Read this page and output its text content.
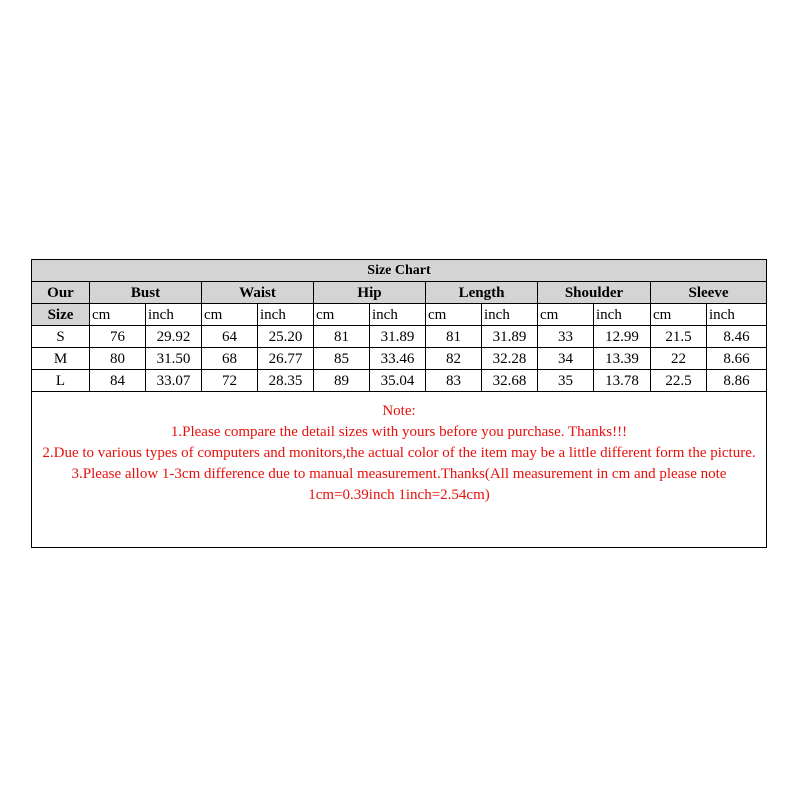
Size Chart												
Our	Bust		Waist		Hip		Length		Shoulder		Sleeve	
Size	cm	inch	cm	inch	cm	inch	cm	inch	cm	inch	cm	inch
S	76	29.92	64	25.20	81	31.89	81	31.89	33	12.99	21.5	8.46
M	80	31.50	68	26.77	85	33.46	82	32.28	34	13.39	22	8.66
L	84	33.07	72	28.35	89	35.04	83	32.68	35	13.78	22.5	8.86

Note:
1.Please compare the detail sizes with yours before you purchase. Thanks!!!
2.Due to various types of computers and monitors,the actual color of the item may be a little different form the picture.
3.Please allow 1-3cm difference due to manual measurement.Thanks(All measurement in cm and please note 1cm=0.39inch 1inch=2.54cm)												
